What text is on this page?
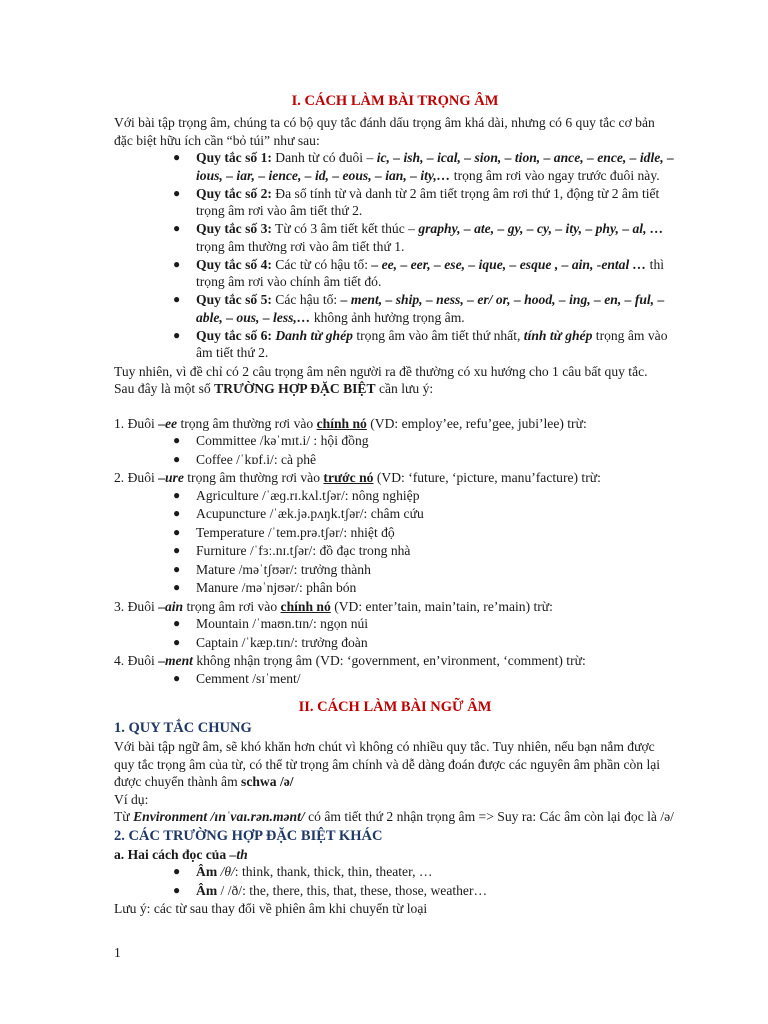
I. CÁCH LÀM BÀI TRỌNG ÂM

Với bài tập trọng âm, chúng ta có bộ quy tắc đánh dấu trọng âm khá dài, nhưng có 6 quy tắc cơ bản đặc biệt hữu ích cần “bỏ túi” như sau:

● Quy tắc số 1: Danh từ có đuôi – ic, – ish, – ical, – sion, – tion, – ance, – ence, – idle, – ious, – iar, – ience, – id, – eous, – ian, – ity,… trọng âm rơi vào ngay trước đuôi này.
● Quy tắc số 2: Đa số tính từ và danh từ 2 âm tiết trọng âm rơi thứ 1, động từ 2 âm tiết trọng âm rơi vào âm tiết thứ 2.
● Quy tắc số 3: Từ có 3 âm tiết kết thúc – graphy, – ate, – gy, – cy, – ity, – phy, – al, … trọng âm thường rơi vào âm tiết thứ 1.
● Quy tắc số 4: Các từ có hậu tố: – ee, – eer, – ese, – ique, – esque , – ain, -ental … thì trọng âm rơi vào chính âm tiết đó.
● Quy tắc số 5: Các hậu tố: – ment, – ship, – ness, – er/ or, – hood, – ing, – en, – ful, – able, – ous, – less,… không ảnh hưởng trọng âm.
● Quy tắc số 6: Danh từ ghép trọng âm vào âm tiết thứ nhất, tính từ ghép trọng âm vào âm tiết thứ 2.

Tuy nhiên, vì đề chỉ có 2 câu trọng âm nên người ra đề thường có xu hướng cho 1 câu bất quy tắc.

Sau đây là một số TRƯỜNG HỢP ĐẶC BIỆT cần lưu ý:

1. Đuôi –ee trọng âm thường rơi vào chính nó (VD: employ’ee, refu’gee, jubi’lee) trừ:

● Committee /kəˈmɪt.i/ : hội đồng
● Coffee /ˈkɒf.i/: cà phê

2. Đuôi –ure trọng âm thường rơi vào trước nó (VD: ‘future, ‘picture, manu’facture) trừ:

● Agriculture /ˈæɡ.rɪ.kʌl.tʃər/: nông nghiệp
● Acupuncture /ˈæk.jə.pʌŋk.tʃər/: châm cứu
● Temperature /ˈtem.prə.tʃər/: nhiệt độ
● Furniture /ˈfɜː.nɪ.tʃər/: đồ đạc trong nhà
● Mature /məˈtʃʊər/: trưởng thành
● Manure /məˈnjʊər/: phân bón

3. Đuôi –ain trọng âm rơi vào chính nó (VD: enter’tain, main’tain, re’main) trừ:

● Mountain /ˈmaʊn.tɪn/: ngọn núi
● Captain /ˈkæp.tɪn/: trưởng đoàn

4. Đuôi –ment không nhận trọng âm (VD: ‘government, en’vironment, ‘comment) trừ:

● Cemment /sɪˈment/
II. CÁCH LÀM BÀI NGỮ ÂM
1. QUY TẮC CHUNG

Với bài tập ngữ âm, sẽ khó khăn hơn chút vì không có nhiều quy tắc. Tuy nhiên, nếu bạn nắm được quy tắc trọng âm của từ, có thể từ trọng âm chính và dễ dàng đoán được các nguyên âm phần còn lại được chuyển thành âm schwa /ə/

Ví dụ:

Từ Environment /ɪnˈvaɪ.rən.mənt/ có âm tiết thứ 2 nhận trọng âm => Suy ra: Các âm còn lại đọc là /ə/

2. CÁC TRƯỜNG HỢP ĐẶC BIỆT KHÁC

a. Hai cách đọc của –th

● Âm /θ/: think, thank, thick, thin, theater, …
● Âm / /ð/: the, there, this, that, these, those, weather…

Lưu ý: các từ sau thay đổi về phiên âm khi chuyển từ loại

1
